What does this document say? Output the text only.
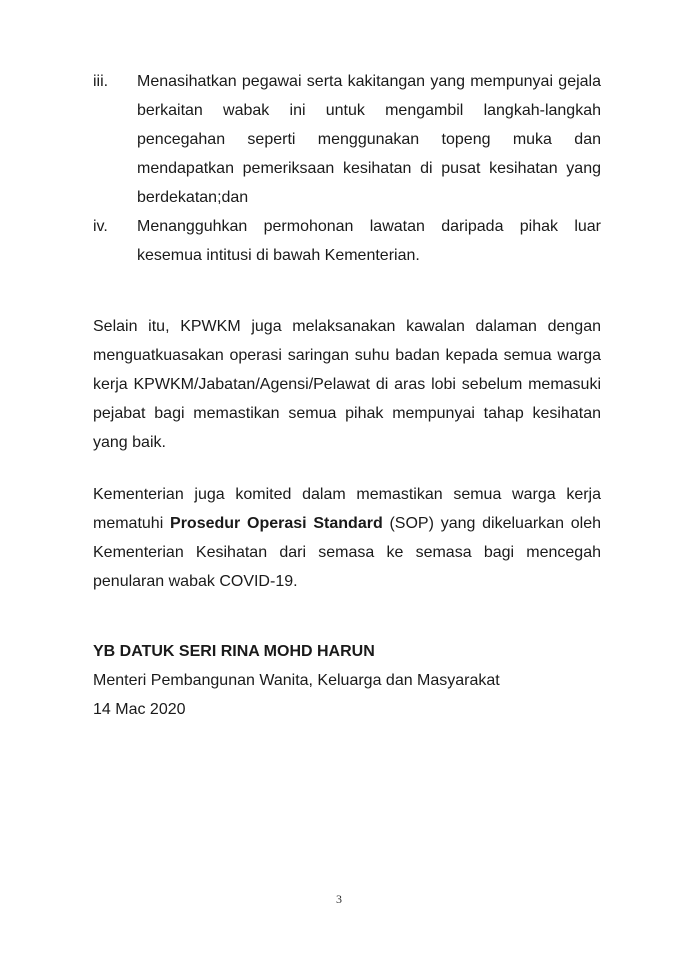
iii.	Menasihatkan pegawai serta kakitangan yang mempunyai gejala berkaitan wabak ini untuk mengambil langkah-langkah pencegahan seperti menggunakan topeng muka dan mendapatkan pemeriksaan kesihatan di pusat kesihatan yang berdekatan;dan
iv.	Menangguhkan permohonan lawatan daripada pihak luar kesemua intitusi di bawah Kementerian.

Selain itu, KPWKM juga melaksanakan kawalan dalaman dengan menguatkuasakan operasi saringan suhu badan kepada semua warga kerja KPWKM/Jabatan/Agensi/Pelawat di aras lobi sebelum memasuki pejabat bagi memastikan semua pihak mempunyai tahap kesihatan yang baik.

Kementerian juga komited dalam memastikan semua warga kerja mematuhi Prosedur Operasi Standard (SOP) yang dikeluarkan oleh Kementerian Kesihatan dari semasa ke semasa bagi mencegah penularan wabak COVID-19.

YB DATUK SERI RINA MOHD HARUN
Menteri Pembangunan Wanita, Keluarga dan Masyarakat
14 Mac 2020
3
